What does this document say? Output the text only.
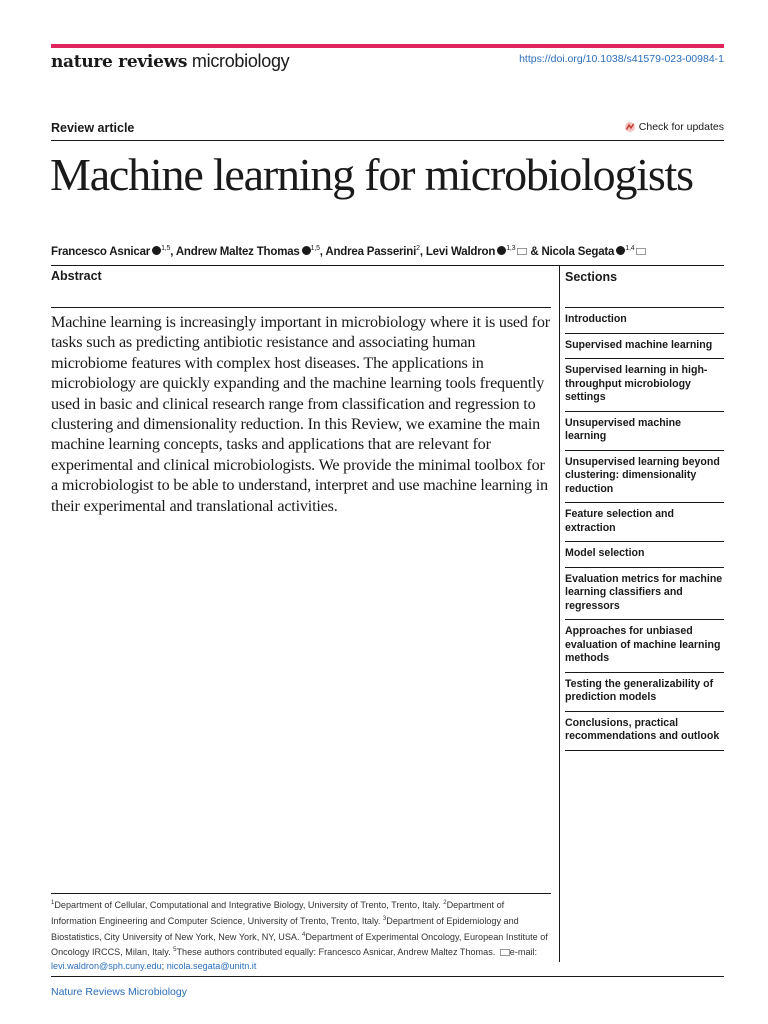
nature reviews microbiology	https://doi.org/10.1038/s41579-023-00984-1
Review article	Check for updates
Machine learning for microbiologists
Francesco Asnicar $^{1,5}$, Andrew Maltez Thomas $^{1,5}$, Andrea Passerini$^2$, Levi Waldron $^{1,3}$ & Nicola Segata $^{1,4}$
Abstract
Machine learning is increasingly important in microbiology where it is used for tasks such as predicting antibiotic resistance and associating human microbiome features with complex host diseases. The applications in microbiology are quickly expanding and the machine learning tools frequently used in basic and clinical research range from classification and regression to clustering and dimensionality reduction. In this Review, we examine the main machine learning concepts, tasks and applications that are relevant for experimental and clinical microbiologists. We provide the minimal toolbox for a microbiologist to be able to understand, interpret and use machine learning in their experimental and translational activities.
Sections
Introduction
Supervised machine learning
Supervised learning in high-throughput microbiology settings
Unsupervised machine learning
Unsupervised learning beyond clustering: dimensionality reduction
Feature selection and extraction
Model selection
Evaluation metrics for machine learning classifiers and regressors
Approaches for unbiased evaluation of machine learning methods
Testing the generalizability of prediction models
Conclusions, practical recommendations and outlook
$^1$Department of Cellular, Computational and Integrative Biology, University of Trento, Trento, Italy. $^2$Department of Information Engineering and Computer Science, University of Trento, Trento, Italy. $^3$Department of Epidemiology and Biostatistics, City University of New York, New York, NY, USA. $^4$Department of Experimental Oncology, European Institute of Oncology IRCCS, Milan, Italy. $^5$These authors contributed equally: Francesco Asnicar, Andrew Maltez Thomas. e-mail: levi.waldron@sph.cuny.edu; nicola.segata@unitn.it
Nature Reviews Microbiology
